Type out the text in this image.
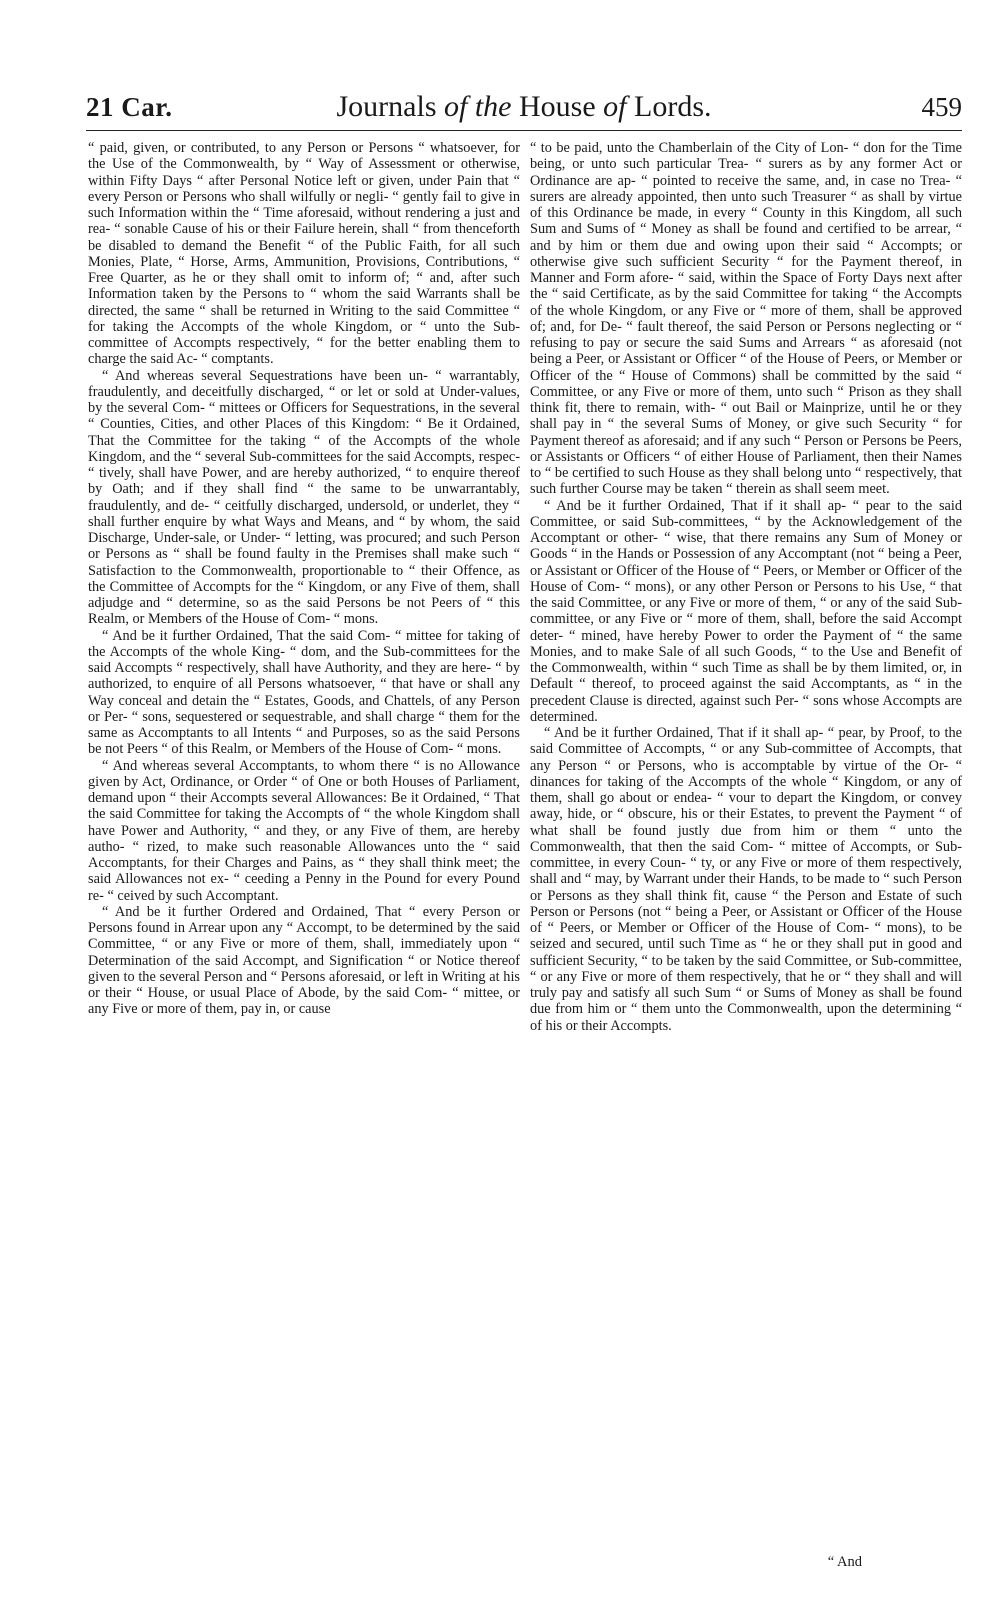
21 Car.	Journals of the House of Lords.	459

“ paid, given, or contributed, to any Person or Persons “ whatsoever, for the Use of the Commonwealth, by “ Way of Assessment or otherwise, within Fifty Days “ after Personal Notice left or given, under Pain that “ every Person or Persons who shall wilfully or negli- “ gently fail to give in such Information within the “ Time aforesaid, without rendering a just and rea- “ sonable Cause of his or their Failure herein, shall “ from thenceforth be disabled to demand the Benefit “ of the Public Faith, for all such Monies, Plate, “ Horse, Arms, Ammunition, Provisions, Contributions, “ Free Quarter, as he or they shall omit to inform of; “ and, after such Information taken by the Persons to “ whom the said Warrants shall be directed, the same “ shall be returned in Writing to the said Committee “ for taking the Accompts of the whole Kingdom, or “ unto the Sub-committee of Accompts respectively, “ for the better enabling them to charge the said Ac- “ comptants.

“ And whereas several Sequestrations have been un- “ warrantably, fraudulently, and deceitfully discharged, “ or let or sold at Under-values, by the several Com- “ mittees or Officers for Sequestrations, in the several “ Counties, Cities, and other Places of this Kingdom: “ Be it Ordained, That the Committee for the taking “ of the Accompts of the whole Kingdom, and the “ several Sub-committees for the said Accompts, respec- “ tively, shall have Power, and are hereby authorized, “ to enquire thereof by Oath; and if they shall find “ the same to be unwarrantably, fraudulently, and de- “ ceitfully discharged, undersold, or underlet, they “ shall further enquire by what Ways and Means, and “ by whom, the said Discharge, Under-sale, or Under- “ letting, was procured; and such Person or Persons as “ shall be found faulty in the Premises shall make such “ Satisfaction to the Commonwealth, proportionable to “ their Offence, as the Committee of Accompts for the “ Kingdom, or any Five of them, shall adjudge and “ determine, so as the said Persons be not Peers of “ this Realm, or Members of the House of Com- “ mons.

“ And be it further Ordained, That the said Com- “ mittee for taking of the Accompts of the whole King- “ dom, and the Sub-committees for the said Accompts “ respectively, shall have Authority, and they are here- “ by authorized, to enquire of all Persons whatsoever, “ that have or shall any Way conceal and detain the “ Estates, Goods, and Chattels, of any Person or Per- “ sons, sequestered or sequestrable, and shall charge “ them for the same as Accomptants to all Intents “ and Purposes, so as the said Persons be not Peers “ of this Realm, or Members of the House of Com- “ mons.

“ And whereas several Accomptants, to whom there “ is no Allowance given by Act, Ordinance, or Order “ of One or both Houses of Parliament, demand upon “ their Accompts several Allowances: Be it Ordained, “ That the said Committee for taking the Accompts of “ the whole Kingdom shall have Power and Authority, “ and they, or any Five of them, are hereby autho- “ rized, to make such reasonable Allowances unto the “ said Accomptants, for their Charges and Pains, as “ they shall think meet; the said Allowances not ex- “ ceeding a Penny in the Pound for every Pound re- “ ceived by such Accomptant.

“ And be it further Ordered and Ordained, That “ every Person or Persons found in Arrear upon any “ Accompt, to be determined by the said Committee, “ or any Five or more of them, shall, immediately upon “ Determination of the said Accompt, and Signification “ or Notice thereof given to the several Person and “ Persons aforesaid, or left in Writing at his or their “ House, or usual Place of Abode, by the said Com- “ mittee, or any Five or more of them, pay in, or cause

“ to be paid, unto the Chamberlain of the City of Lon- “ don for the Time being, or unto such particular Trea- “ surers as by any former Act or Ordinance are ap- “ pointed to receive the same, and, in case no Trea- “ surers are already appointed, then unto such Treasurer “ as shall by virtue of this Ordinance be made, in every “ County in this Kingdom, all such Sum and Sums of “ Money as shall be found and certified to be arrear, “ and by him or them due and owing upon their said “ Accompts; or otherwise give such sufficient Security “ for the Payment thereof, in Manner and Form afore- “ said, within the Space of Forty Days next after the “ said Certificate, as by the said Committee for taking “ the Accompts of the whole Kingdom, or any Five or “ more of them, shall be approved of; and, for De- “ fault thereof, the said Person or Persons neglecting or “ refusing to pay or secure the said Sums and Arrears “ as aforesaid (not being a Peer, or Assistant or Officer “ of the House of Peers, or Member or Officer of the “ House of Commons) shall be committed by the said “ Committee, or any Five or more of them, unto such “ Prison as they shall think fit, there to remain, with- “ out Bail or Mainprize, until he or they shall pay in “ the several Sums of Money, or give such Security “ for Payment thereof as aforesaid; and if any such “ Person or Persons be Peers, or Assistants or Officers “ of either House of Parliament, then their Names to “ be certified to such House as they shall belong unto “ respectively, that such further Course may be taken “ therein as shall seem meet.

“ And be it further Ordained, That if it shall ap- “ pear to the said Committee, or said Sub-committees, “ by the Acknowledgement of the Accomptant or other- “ wise, that there remains any Sum of Money or Goods “ in the Hands or Possession of any Accomptant (not “ being a Peer, or Assistant or Officer of the House of “ Peers, or Member or Officer of the House of Com- “ mons), or any other Person or Persons to his Use, “ that the said Committee, or any Five or more of them, “ or any of the said Sub-committee, or any Five or “ more of them, shall, before the said Accompt deter- “ mined, have hereby Power to order the Payment of “ the same Monies, and to make Sale of all such Goods, “ to the Use and Benefit of the Commonwealth, within “ such Time as shall be by them limited, or, in Default “ thereof, to proceed against the said Accomptants, as “ in the precedent Clause is directed, against such Per- “ sons whose Accompts are determined.

“ And be it further Ordained, That if it shall ap- “ pear, by Proof, to the said Committee of Accompts, “ or any Sub-committee of Accompts, that any Person “ or Persons, who is accomptable by virtue of the Or- “ dinances for taking of the Accompts of the whole “ Kingdom, or any of them, shall go about or endea- “ vour to depart the Kingdom, or convey away, hide, or “ obscure, his or their Estates, to prevent the Payment “ of what shall be found justly due from him or them “ unto the Commonwealth, that then the said Com- “ mittee of Accompts, or Sub-committee, in every Coun- “ ty, or any Five or more of them respectively, shall and “ may, by Warrant under their Hands, to be made to “ such Person or Persons as they shall think fit, cause “ the Person and Estate of such Person or Persons (not “ being a Peer, or Assistant or Officer of the House of “ Peers, or Member or Officer of the House of Com- “ mons), to be seized and secured, until such Time as “ he or they shall put in good and sufficient Security, “ to be taken by the said Committee, or Sub-committee, “ or any Five or more of them respectively, that he or “ they shall and will truly pay and satisfy all such Sum “ or Sums of Money as shall be found due from him or “ them unto the Commonwealth, upon the determining “ of his or their Accompts.

“ And
